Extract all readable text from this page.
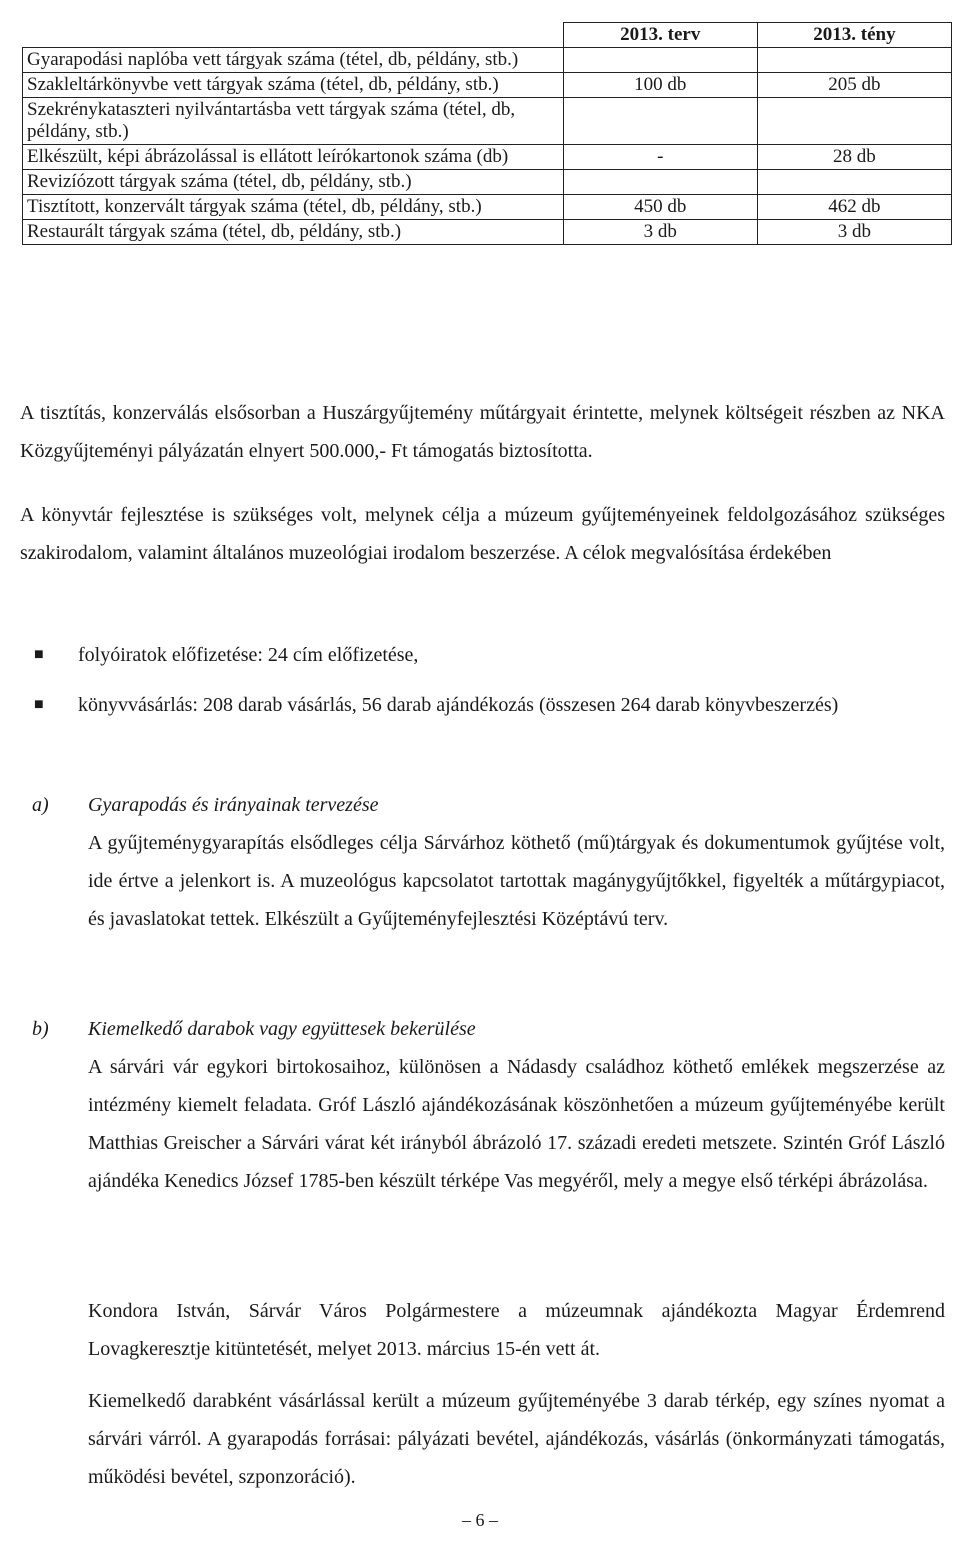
	2013. terv	2013. tény
Gyarapodási naplóba vett tárgyak száma (tétel, db, példány, stb.)		
Szakleltárkönyvbe vett tárgyak száma (tétel, db, példány, stb.)	100 db	205 db
Szekrénykataszteri nyilvántartásba vett tárgyak száma (tétel, db, példány, stb.)		
Elkészült, képi ábrázolással is ellátott leírókartonok száma (db)	-	28 db
Revizíózott tárgyak száma (tétel, db, példány, stb.)		
Tisztított, konzervált tárgyak száma (tétel, db, példány, stb.)	450 db	462 db
Restaurált tárgyak száma (tétel, db, példány, stb.)	3 db	3 db
A tisztítás, konzerválás elsősorban a Huszárgyűjtemény műtárgyait érintette, melynek költségeit részben az NKA Közgyűjteményi pályázatán elnyert 500.000,- Ft támogatás biztosította.
A könyvtár fejlesztése is szükséges volt, melynek célja a múzeum gyűjteményeinek feldolgozásához szükséges szakirodalom, valamint általános muzeológiai irodalom beszerzése. A célok megvalósítása érdekében
■ folyóiratok előfizetése: 24 cím előfizetése,
■ könyvvásárlás: 208 darab vásárlás, 56 darab ajándékozás (összesen 264 darab könyvbeszerzés)
a) Gyarapodás és irányainak tervezése
A gyűjteménygyarapítás elsődleges célja Sárvárhoz köthető (mű)tárgyak és dokumentumok gyűjtése volt, ide értve a jelenkort is. A muzeológus kapcsolatot tartottak magánygyűjtőkkel, figyelték a műtárgypiacot, és javaslatokat tettek. Elkészült a Gyűjteményfejlesztési Középtávú terv.
b) Kiemelkedő darabok vagy együttesek bekerülése
A sárvári vár egykori birtokosaihoz, különösen a Nádasdy családhoz köthető emlékek megszerzése az intézmény kiemelt feladata. Gróf László ajándékozásának köszönhetően a múzeum gyűjteményébe került Matthias Greischer a Sárvári várat két irányból ábrázoló 17. századi eredeti metszete. Szintén Gróf László ajándéka Kenedics József 1785-ben készült térképe Vas megyéről, mely a megye első térképi ábrázolása.
Kondora István, Sárvár Város Polgármestere a múzeumnak ajándékozta Magyar Érdemrend Lovagkeresztje kitüntetését, melyet 2013. március 15-én vett át.
Kiemelkedő darabként vásárlással került a múzeum gyűjteményébe 3 darab térkép, egy színes nyomat a sárvári várról. A gyarapodás forrásai: pályázati bevétel, ajándékozás, vásárlás (önkormányzati támogatás, működési bevétel, szponzoráció).
– 6 –
